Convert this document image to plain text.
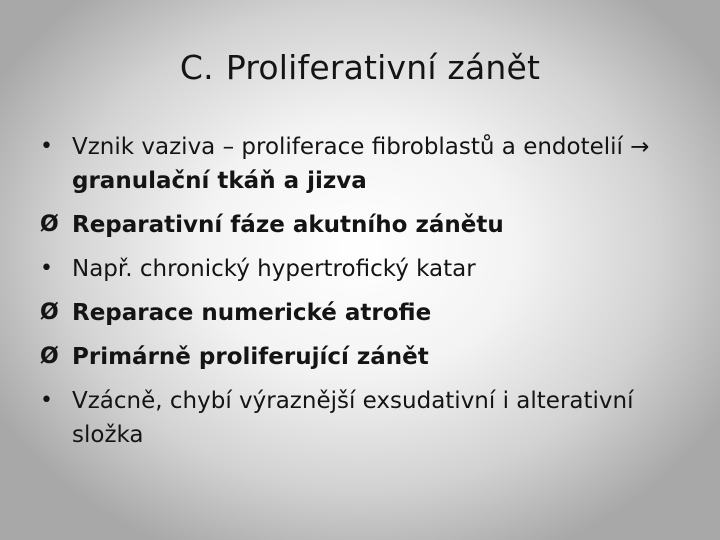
C. Proliferativní zánět
• Vznik vaziva – proliferace fibroblastů a endotelií → granulační tkáň a jizva
Ø Reparativní fáze akutního zánětu
• Např. chronický hypertrofický katar
Ø Reparace numerické atrofie
Ø Primárně proliferující zánět
• Vzácně, chybí výraznější exsudativní i alterativní složka
